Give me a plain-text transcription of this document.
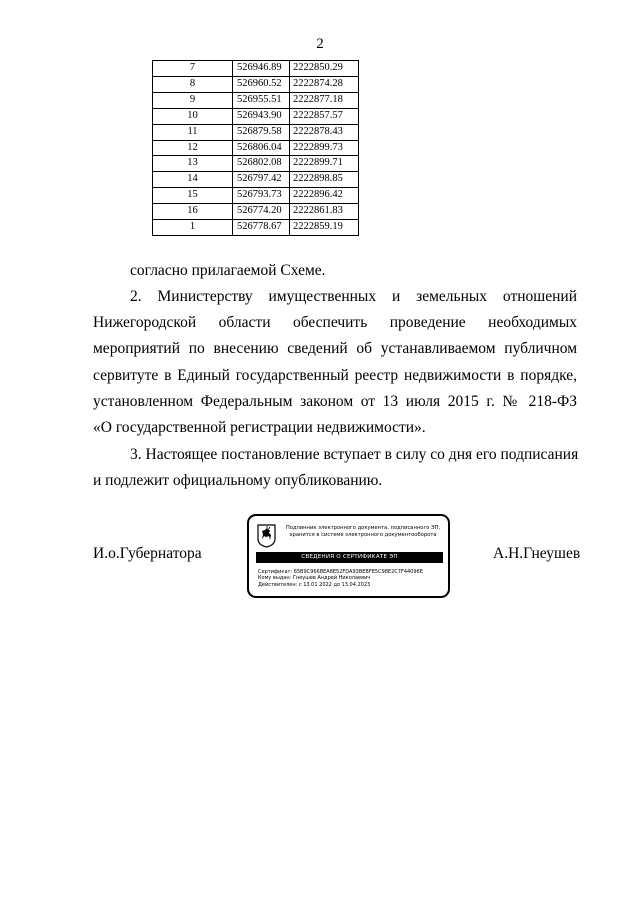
2
7	526946.89	2222850.29
8	526960.52	2222874.28
9	526955.51	2222877.18
10	526943.90	2222857.57
11	526879.58	2222878.43
12	526806.04	2222899.73
13	526802.08	2222899.71
14	526797.42	2222898.85
15	526793.73	2222896.42
16	526774.20	2222861.83
1	526778.67	2222859.19
согласно прилагаемой Схеме.
2. Министерству имущественных и земельных отношений
Нижегородской области обеспечить проведение необходимых
мероприятий по внесению сведений об устанавливаемом публичном
сервитуте в Единый государственный реестр недвижимости в порядке,
установленном Федеральным законом от 13 июля 2015 г. № 218-ФЗ
«О государственной регистрации недвижимости».
3. Настоящее постановление вступает в силу со дня его подписания
и подлежит официальному опубликованию.
И.о.Губернатора	А.Н.Гнеушев
Подлинник электронного документа, подписанного ЭП,
хранится в системе электронного документооборота
СВЕДЕНИЯ О СЕРТИФИКАТЕ ЭП
Сертификат: 65B9C966BEA8E52FDA93BEBFE5C98E2C7F44096E
Кому выдан: Гнеушев Андрей Николаевич
Действителен: с 13.01.2022 до 13.04.2023
